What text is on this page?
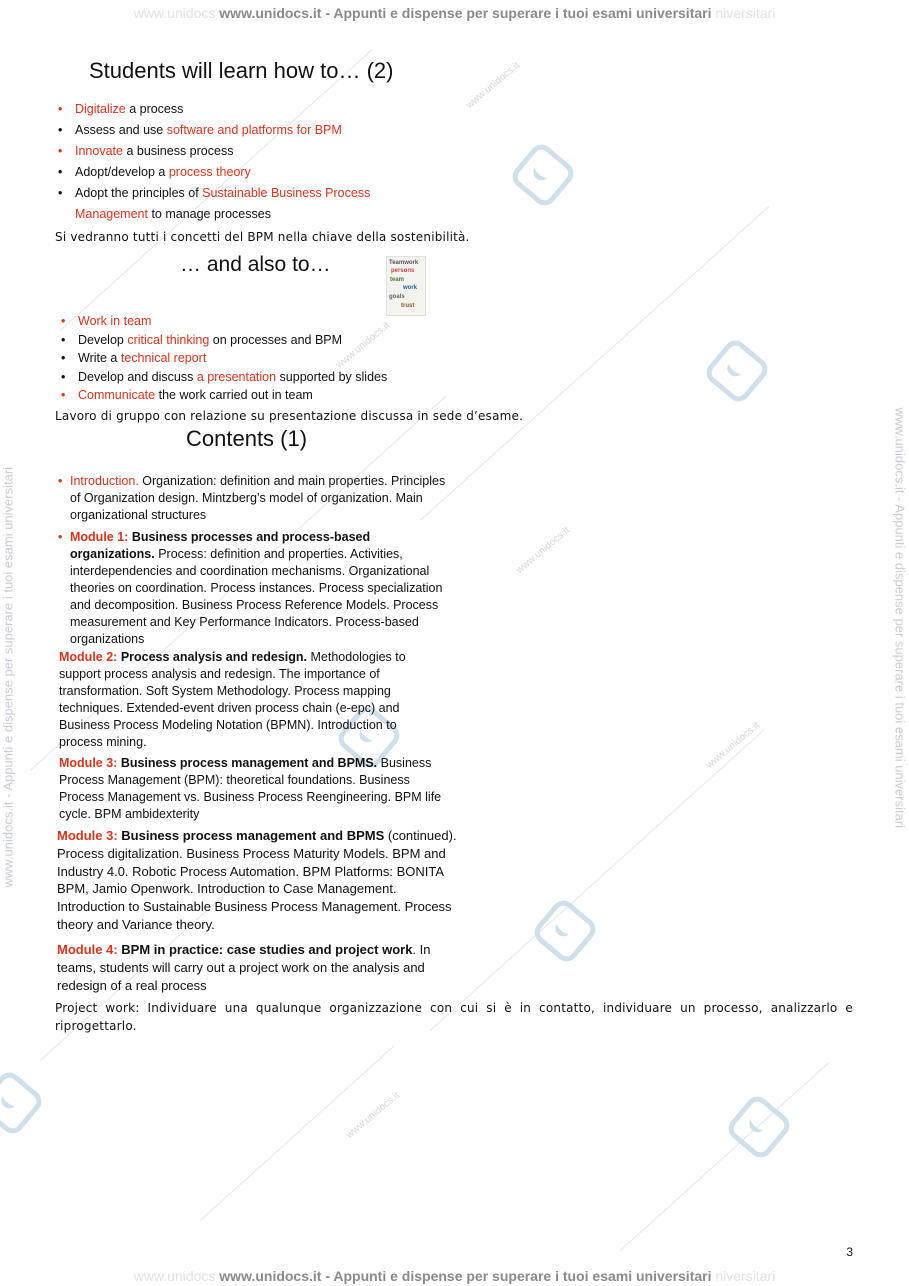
www.unidocs.it
www.unidocs.it
www.unidocs.it
www.unidocs.it
www.unidocs.it
www.unidocs www.unidocs.it - Appunti e dispense per superare i tuoi esami universitari niversitari
www.unidocs www.unidocs.it - Appunti e dispense per superare i tuoi esami universitari niversitari
www.unidocs.it - Appunti e dispense per superare i tuoi esami universitari	www.unidocs.it - Appunti e dispense per superare i tuoi esami universitari
Students will learn how to… (2)
• Digitalize a process
• Assess and use software and platforms for BPM
• Innovate a business process
• Adopt/develop a process theory
• Adopt the principles of Sustainable Business Process Management to manage processes
Si vedranno tutti i concetti del BPM nella chiave della sostenibilità.
… and also to…	Teamwork
persons
team
work
goals
trust
• Work in team
• Develop critical thinking on processes and BPM
• Write a technical report
• Develop and discuss a presentation supported by slides
• Communicate the work carried out in team
Lavoro di gruppo con relazione su presentazione discussa in sede d’esame.
Contents (1)
• Introduction. Organization: definition and main properties. Principles of Organization design. Mintzberg’s model of organization. Main organizational structures
• Module 1: Business processes and process-based organizations. Process: definition and properties. Activities, interdependencies and coordination mechanisms. Organizational theories on coordination. Process instances. Process specialization and decomposition. Business Process Reference Models. Process measurement and Key Performance Indicators. Process-based organizations
Module 2: Process analysis and redesign. Methodologies to support process analysis and redesign. The importance of transformation. Soft System Methodology. Process mapping techniques. Extended-event driven process chain (e-epc) and Business Process Modeling Notation (BPMN). Introduction to process mining.
Module 3: Business process management and BPMS. Business Process Management (BPM): theoretical foundations. Business Process Management vs. Business Process Reengineering. BPM life cycle. BPM ambidexterity
Module 3: Business process management and BPMS (continued). Process digitalization. Business Process Maturity Models. BPM and Industry 4.0. Robotic Process Automation. BPM Platforms: BONITA BPM, Jamio Openwork. Introduction to Case Management. Introduction to Sustainable Business Process Management. Process theory and Variance theory.
Module 4: BPM in practice: case studies and project work. In teams, students will carry out a project work on the analysis and redesign of a real process
Project work: Individuare una qualunque organizzazione con cui si è in contatto, individuare un processo, analizzarlo e riprogettarlo.
3
